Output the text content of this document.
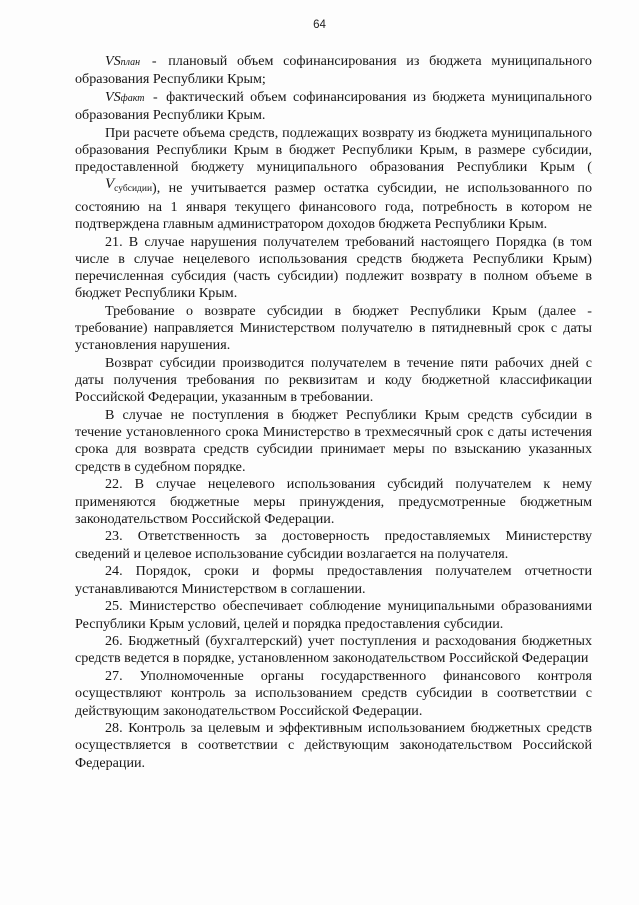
64

VSплан - плановый объем софинансирования из бюджета муниципального образования Республики Крым;

VSфакт - фактический объем софинансирования из бюджета муниципального образования Республики Крым.

При расчете объема средств, подлежащих возврату из бюджета муниципального образования Республики Крым в бюджет Республики Крым, в размере субсидии, предоставленной бюджету муниципального образования Республики Крым $(V_{субсидии})$, не учитывается размер остатка субсидии, не использованного по состоянию на 1 января текущего финансового года, потребность в котором не подтверждена главным администратором доходов бюджета Республики Крым.

21. В случае нарушения получателем требований настоящего Порядка (в том числе в случае нецелевого использования средств бюджета Республики Крым) перечисленная субсидия (часть субсидии) подлежит возврату в полном объеме в бюджет Республики Крым.

Требование о возврате субсидии в бюджет Республики Крым (далее - требование) направляется Министерством получателю в пятидневный срок с даты установления нарушения.

Возврат субсидии производится получателем в течение пяти рабочих дней с даты получения требования по реквизитам и коду бюджетной классификации Российской Федерации, указанным в требовании.

В случае не поступления в бюджет Республики Крым средств субсидии в течение установленного срока Министерство в трехмесячный срок с даты истечения срока для возврата средств субсидии принимает меры по взысканию указанных средств в судебном порядке.

22. В случае нецелевого использования субсидий получателем к нему применяются бюджетные меры принуждения, предусмотренные бюджетным законодательством Российской Федерации.

23. Ответственность за достоверность предоставляемых Министерству сведений и целевое использование субсидии возлагается на получателя.

24. Порядок, сроки и формы предоставления получателем отчетности устанавливаются Министерством в соглашении.

25. Министерство обеспечивает соблюдение муниципальными образованиями Республики Крым условий, целей и порядка предоставления субсидии.

26. Бюджетный (бухгалтерский) учет поступления и расходования бюджетных средств ведется в порядке, установленном законодательством Российской Федерации

27. Уполномоченные органы государственного финансового контроля осуществляют контроль за использованием средств субсидии в соответствии с действующим законодательством Российской Федерации.

28. Контроль за целевым и эффективным использованием бюджетных средств осуществляется в соответствии с действующим законодательством Российской Федерации.
